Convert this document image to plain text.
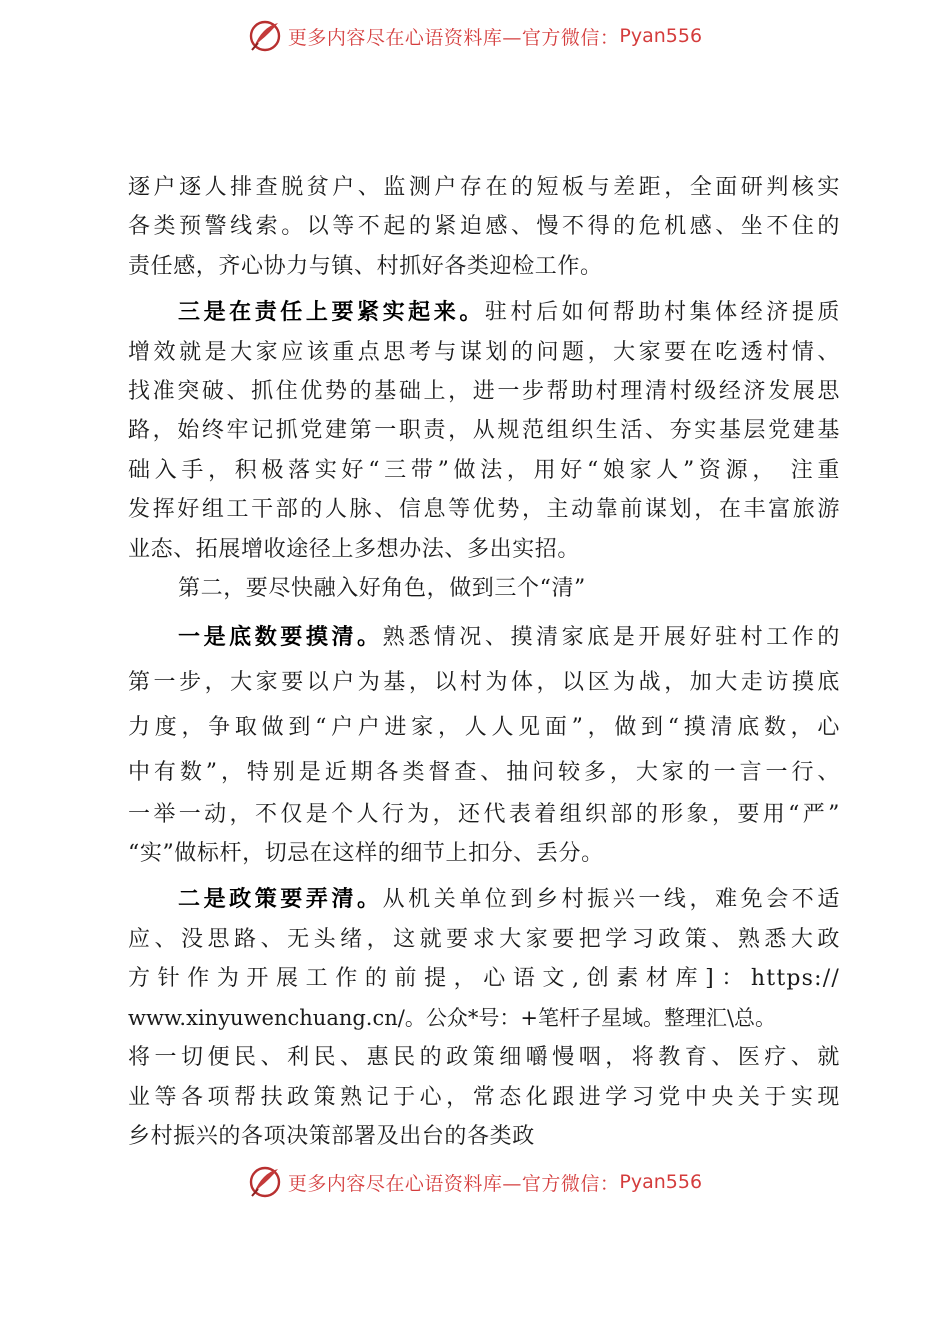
更多内容尽在心语资料库—官方微信： Pyan556

逐户逐人排查脱贫户、监测户存在的短板与差距，全面研判核实
各类预警线索。以等不起的紧迫感、慢不得的危机感、坐不住的
责任感，齐心协力与镇、村抓好各类迎检工作。

三是在责任上要紧实起来。驻村后如何帮助村集体经济提质
增效就是大家应该重点思考与谋划的问题，大家要在吃透村情、
找准突破、抓住优势的基础上，进一步帮助村理清村级经济发展思
路，始终牢记抓党建第一职责，从规范组织生活、夯实基层党建基
础入手，积极落实好“三带”做法，用好“娘家人”资源， 注重
发挥好组工干部的人脉、信息等优势，主动靠前谋划，在丰富旅游
业态、拓展增收途径上多想办法、多出实招。

第二，要尽快融入好角色，做到三个“清”

一是底数要摸清。熟悉情况、摸清家底是开展好驻村工作的
第一步，大家要以户为基，以村为体，以区为战，加大走访摸底
力度，争取做到“户户进家，人人见面”，做到“摸清底数，心
中有数”，特别是近期各类督查、抽问较多，大家的一言一行、
一举一动，不仅是个人行为，还代表着组织部的形象，要用“严”
“实”做标杆，切忌在这样的细节上扣分、丢分。

二是政策要弄清。从机关单位到乡村振兴一线，难免会不适
应、没思路、无头绪，这就要求大家要把学习政策、熟悉大政
方针作为开展工作的前提，心语文,创素材库]：https://
www.xinyuwenchuang.cn/。公众*号：+笔杆子星域。整理汇\总。
将一切便民、利民、惠民的政策细嚼慢咽，将教育、医疗、就
业等各项帮扶政策熟记于心，常态化跟进学习党中央关于实现
乡村振兴的各项决策部署及出台的各类政

更多内容尽在心语资料库—官方微信： Pyan556
